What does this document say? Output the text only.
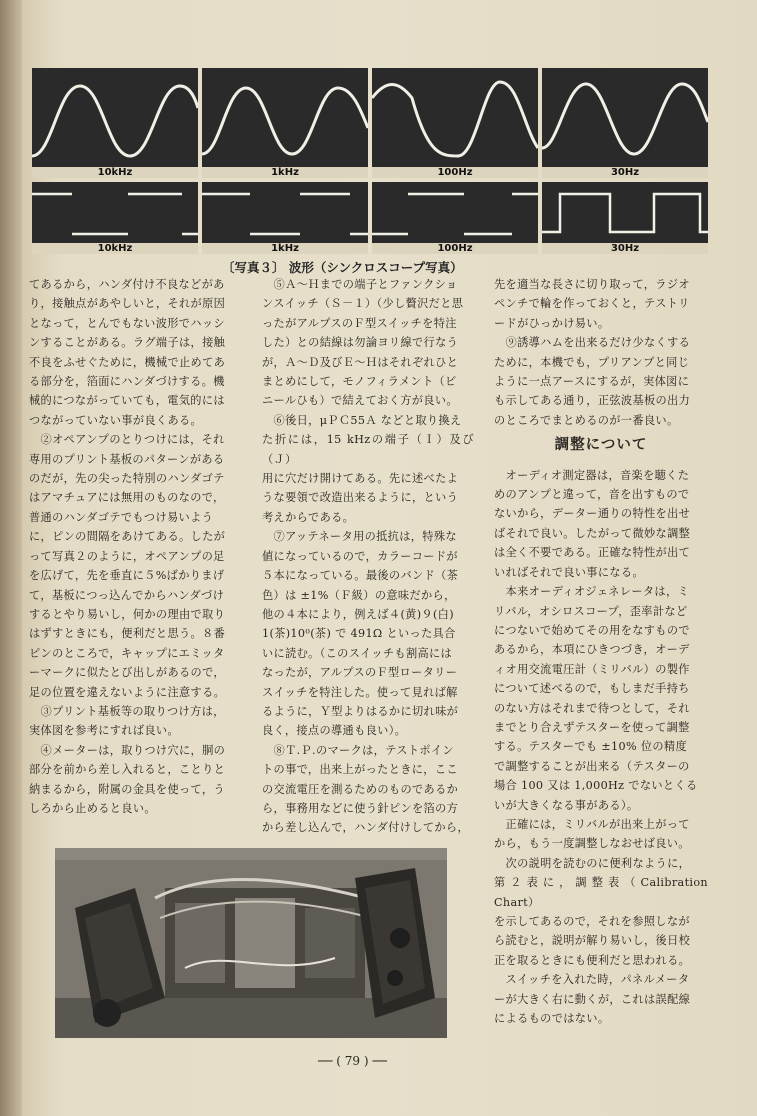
10kHz	1kHz	100Hz	30Hz
10kHz	1kHz	100Hz	30Hz
〔写真３〕 波形（シンクロスコープ写真）

てあるから，ハンダ付け不良などがあ

り，接触点があやしいと，それが原因

となって，とんでもない波形でハッシ

ンすることがある。ラグ端子は，接触

不良をふせぐために，機械で止めてあ

る部分を，箔面にハンダづけする。機

械的につながっていても，電気的には

つながっていない事が良くある。

　②オペアンプのとりつけには，それ

専用のプリント基板のパターンがある

のだが，先の尖った特別のハンダゴテ

はアマチュアには無用のものなので，

普通のハンダゴテでもつけ易いよう

に，ピンの間隔をあけてある。したが

って写真２のように，オペアンプの足

を広げて，先を垂直に５%ばかりまげ

て，基板につっ込んでからハンダづけ

するとやり易いし，何かの理由で取り

はずすときにも，便利だと思う。８番

ピンのところで，キャップにエミッタ

ーマークに似たとび出しがあるので，

足の位置を違えないように注意する。

　③プリント基板等の取りつけ方は，

実体図を参考にすれば良い。

　④メーターは，取りつけ穴に，胴の

部分を前から差し入れると，ことりと

納まるから，附属の金具を使って，う

しろから止めると良い。

　⑤Ａ～Ｈまでの端子とファンクショ

ンスイッチ（Ｓ－１）（少し贅沢だと思

ったがアルプスのＦ型スイッチを特注

した）との結線は勿論ヨリ線で行なう

が，Ａ～Ｄ及びＥ～Ｈはそれぞれひと

まとめにして，モノフィラメント（ビ

ニールひも）で結えておく方が良い。

　⑥後日，μＰＣ55Ａ などと取り換え

た折には，15 kHzの端子（Ｉ）及び（Ｊ）

用に穴だけ開けてある。先に述べたよ

うな要領で改造出来るように，という

考えからである。

　⑦アッテネータ用の抵抗は，特殊な

値になっているので，カラーコードが

５本になっている。最後のバンド（茶

色）は ±1%（Ｆ級）の意味だから，

他の４本により，例えば４(黄)９(白)

1(茶)10⁰(茶) で 491Ω といった具合

いに読む。（このスイッチも割高には

なったが，アルプスのＦ型ロータリー

スイッチを特注した。使って見れば解

るように，Ｙ型よりはるかに切れ味が

良く，接点の導通も良い）。

　⑧Ｔ.Ｐ.のマークは，テストポイン

トの事で，出来上がったときに，ここ

の交流電圧を測るためのものであるか

ら，事務用などに使う針ピンを箔の方

から差し込んで，ハンダ付けしてから，

先を適当な長さに切り取って，ラジオ

ペンチで輪を作っておくと，テストリ

ードがひっかけ易い。

　⑨誘導ハムを出来るだけ少なくする

ために，本機でも，プリアンプと同じ

ように一点アースにするが，実体図に

も示してある通り，正弦波基板の出力

のところでまとめるのが一番良い。

調整について

　オーディオ測定器は，音楽を聴くた

めのアンプと違って，音を出すもので

ないから，データー通りの特性を出せ

ばそれで良い。したがって微妙な調整

は全く不要である。正確な特性が出て

いればそれで良い事になる。

　本来オーディオジェネレータは，ミ

リバル，オシロスコープ，歪率計など

につないで始めてその用をなすもので

あるから，本項にひきつづき，オーデ

ィオ用交流電圧計（ミリバル）の製作

について述べるので，もしまだ手持ち

のない方はそれまで待つとして，それ

までとり合えずテスターを使って調整

する。テスターでも ±10% 位の精度

で調整することが出来る（テスターの

場合 100 又は 1,000Hz でないとくる

いが大きくなる事がある）。

　正確には，ミリバルが出来上がって

から，もう一度調整しなおせば良い。

　次の説明を読むのに便利なように，

第２表に，調整表（Calibration Chart）

を示してあるので，それを参照しなが

ら読むと，説明が解り易いし，後日校

正を取るときにも便利だと思われる。

　スイッチを入れた時，パネルメータ

ーが大きく右に動くが，これは誤配線

によるものではない。

── ( 79 ) ──
